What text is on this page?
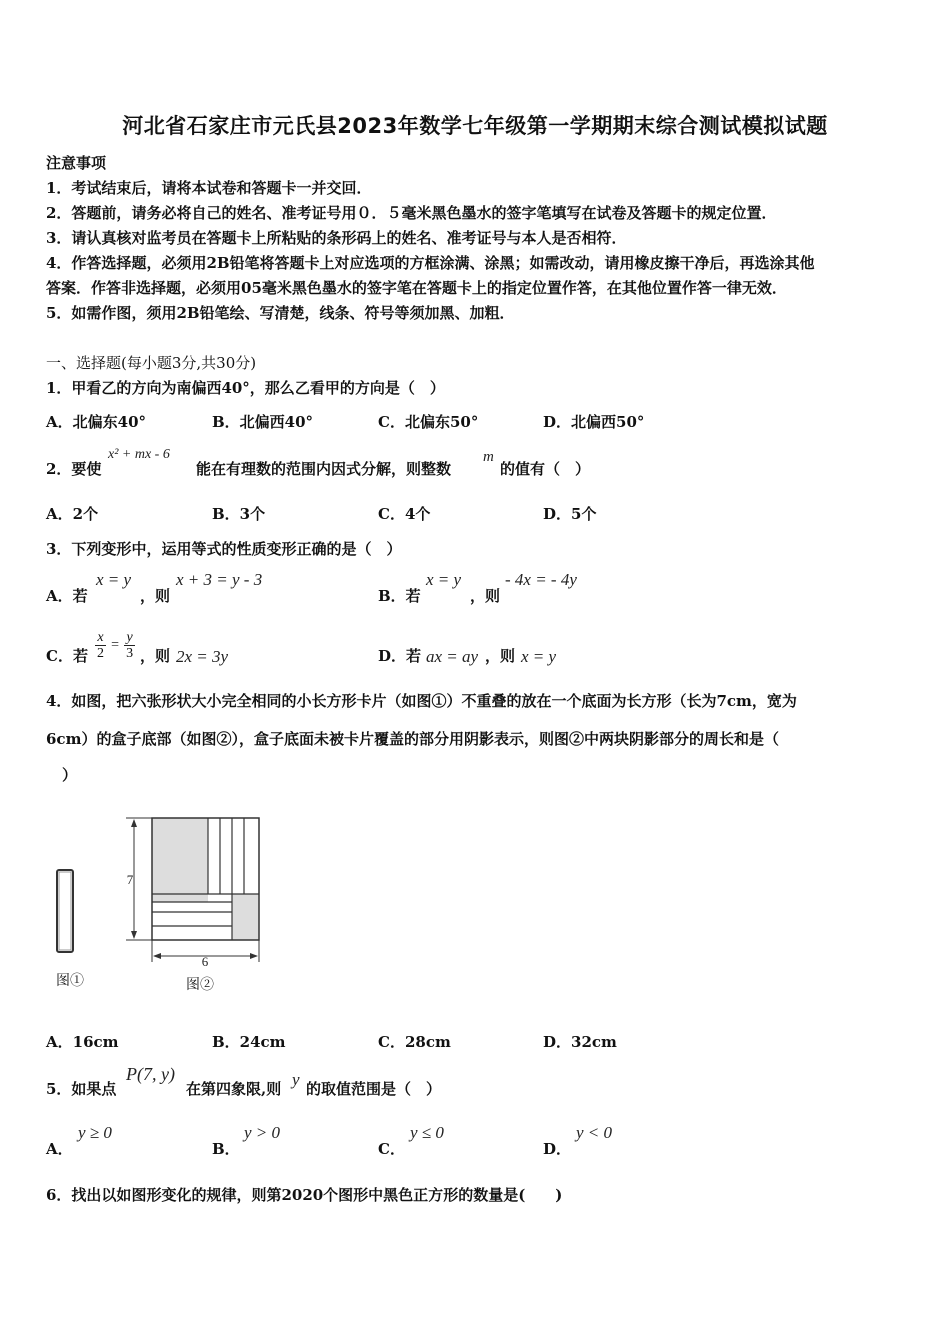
河北省石家庄市元氏县2023年数学七年级第一学期期末综合测试模拟试题
注意事项
1．考试结束后，请将本试卷和答题卡一并交回．
2．答题前，请务必将自己的姓名、准考证号用０．５毫米黑色墨水的签字笔填写在试卷及答题卡的规定位置．
3．请认真核对监考员在答题卡上所粘贴的条形码上的姓名、准考证号与本人是否相符．
4．作答选择题，必须用2B铅笔将答题卡上对应选项的方框涂满、涂黑；如需改动，请用橡皮擦干净后，再选涂其他
答案．作答非选择题，必须用05毫米黑色墨水的签字笔在答题卡上的指定位置作答，在其他位置作答一律无效．
5．如需作图，须用2B铅笔绘、写清楚，线条、符号等须加黑、加粗．
一、选择题(每小题3分,共30分)
1．甲看乙的方向为南偏西40°，那么乙看甲的方向是（　）
A．北偏东40°	B．北偏西40°	C．北偏东50°	D．北偏西50°
2．要使
x² + mx - 6
能在有理数的范围内因式分解，则整数
m
的值有（　）
A．2个	B．3个	C．4个	D．5个
3．下列变形中，运用等式的性质变形正确的是（　）
A．若
x = y
，则
x + 3 = y - 3
B．若
x = y
，则
- 4x = - 4y
C．若 $\frac{x}{2} = \frac{y}{3}$ ，则 2x = 3y	D．若 ax = ay ，则 x = y
4．如图，把六张形状大小完全相同的小长方形卡片（如图①）不重叠的放在一个底面为长方形（长为7cm，宽为
6cm）的盒子底部（如图②），盒子底面未被卡片覆盖的部分用阴影表示，则图②中两块阴影部分的周长和是（
）
图①
7
6
图②
A．16cm	B．24cm	C．28cm	D．32cm
5．如果点
P(7, y)
在第四象限,则 y 的取值范围是（　）
A．
y ≥ 0
B．
y > 0
C．
y ≤ 0
D．
y < 0
6．找出以如图形变化的规律，则第2020个图形中黑色正方形的数量是(　　)
